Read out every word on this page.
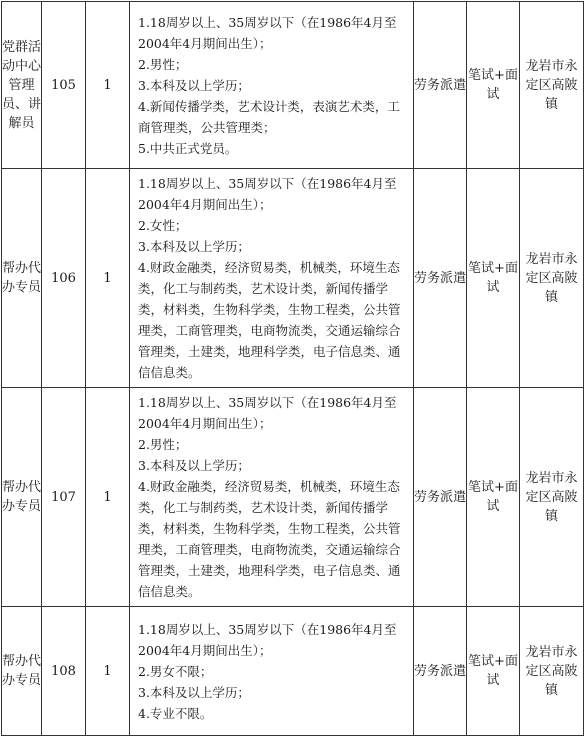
党群活动中心管理员、讲解员	105	1	1.18周岁以上、35周岁以下（在1986年4月至2004年4月期间出生）；
2.男性；
3.本科及以上学历；
4.新闻传播学类，艺术设计类，表演艺术类，工商管理类，公共管理类；
5.中共正式党员。	劳务派遣	笔试+面试	龙岩市永定区高陂镇
帮办代办专员	106	1	1.18周岁以上、35周岁以下（在1986年4月至2004年4月期间出生）；
2.女性；
3.本科及以上学历；
4.财政金融类，经济贸易类，机械类，环境生态类，化工与制药类，艺术设计类，新闻传播学类，材料类，生物科学类，生物工程类，公共管理类，工商管理类，电商物流类，交通运输综合管理类，土建类，地理科学类，电子信息类、通信信息类。	劳务派遣	笔试+面试	龙岩市永定区高陂镇
帮办代办专员	107	1	1.18周岁以上、35周岁以下（在1986年4月至2004年4月期间出生）；
2.男性；
3.本科及以上学历；
4.财政金融类，经济贸易类，机械类，环境生态类，化工与制药类，艺术设计类，新闻传播学类，材料类，生物科学类，生物工程类，公共管理类，工商管理类，电商物流类，交通运输综合管理类，土建类，地理科学类，电子信息类、通信信息类。	劳务派遣	笔试+面试	龙岩市永定区高陂镇
帮办代办专员	108	1	1.18周岁以上、35周岁以下（在1986年4月至2004年4月期间出生）；
2.男女不限；
3.本科及以上学历；
4.专业不限。	劳务派遣	笔试+面试	龙岩市永定区高陂镇
